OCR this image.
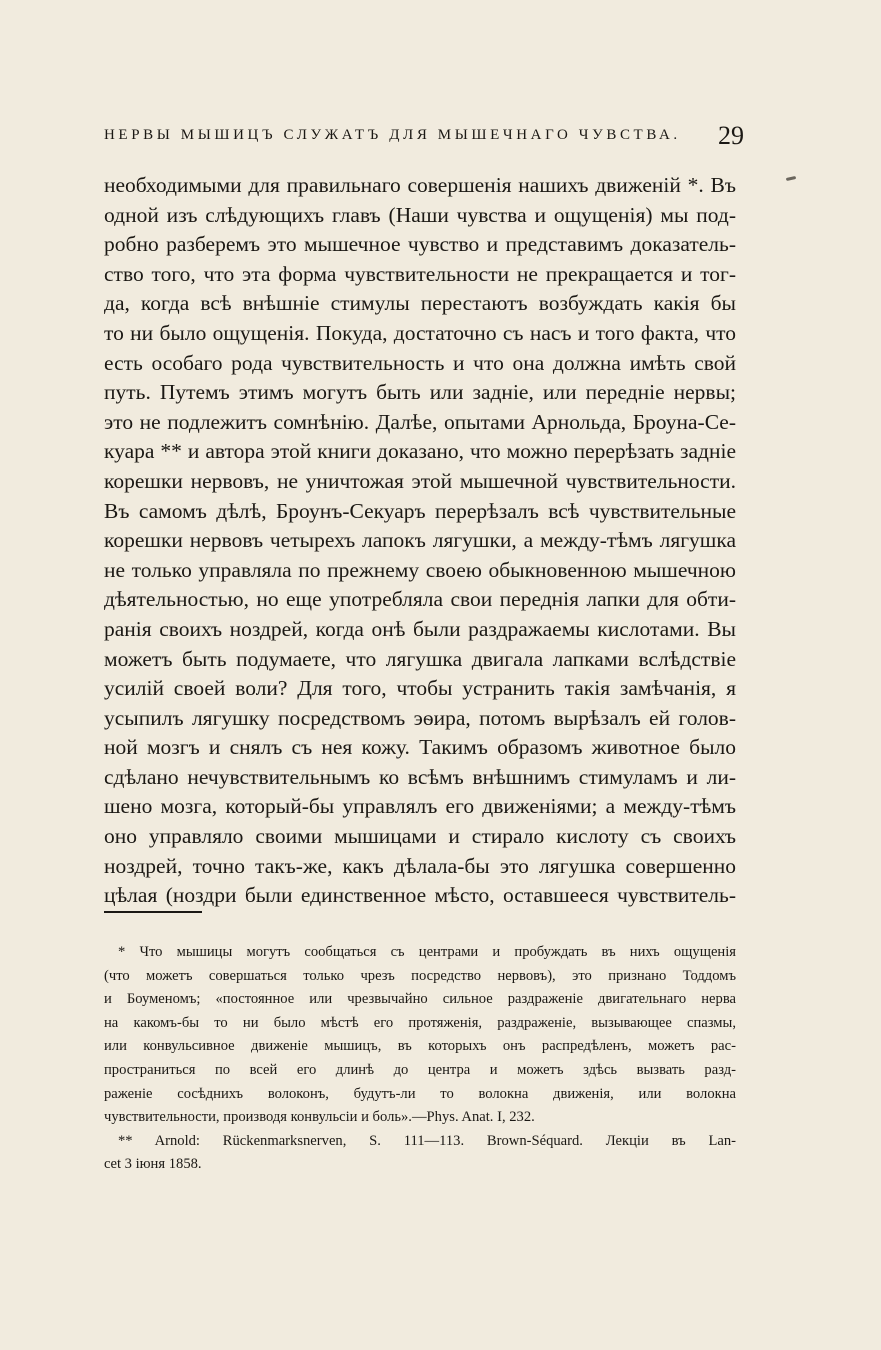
НЕРВЫ МЫШИЦЪ СЛУЖАТЪ ДЛЯ МЫШЕЧНАГО ЧУВСТВА. 29
необходимыми для правильнаго совершенія нашихъ движеній *. Въ
одной изъ слѣдующихъ главъ (Наши чувства и ощущенія) мы под-
робно разберемъ это мышечное чувство и представимъ доказатель-
ство того, что эта форма чувствительности не прекращается и тог-
да, когда всѣ внѣшніе стимулы перестаютъ возбуждать какія бы
то ни было ощущенія. Покуда, достаточно съ насъ и того факта, что
есть особаго рода чувствительность и что она должна имѣть свой
путь. Путемъ этимъ могутъ быть или задніе, или передніе нервы;
это не подлежитъ сомнѣнію. Далѣе, опытами Арнольда, Броуна-Се-
куара ** и автора этой книги доказано, что можно перерѣзать задніе
корешки нервовъ, не уничтожая этой мышечной чувствительности.
Въ самомъ дѣлѣ, Броунъ-Секуаръ перерѣзалъ всѣ чувствительные
корешки нервовъ четырехъ лапокъ лягушки, а между-тѣмъ лягушка
не только управляла по прежнему своею обыкновенною мышечною
дѣятельностью, но еще употребляла свои переднія лапки для обти-
ранія своихъ ноздрей, когда онѣ были раздражаемы кислотами. Вы
можетъ быть подумаете, что лягушка двигала лапками вслѣдствіе
усилій своей воли? Для того, чтобы устранить такія замѣчанія, я
усыпилъ лягушку посредствомъ эѳира, потомъ вырѣзалъ ей голов-
ной мозгъ и снялъ съ нея кожу. Такимъ образомъ животное было
сдѣлано нечувствительнымъ ко всѣмъ внѣшнимъ стимуламъ и ли-
шено мозга, который-бы управлялъ его движеніями; а между-тѣмъ
оно управляло своими мышицами и стирало кислоту съ своихъ
ноздрей, точно такъ-же, какъ дѣлала-бы это лягушка совершенно
цѣлая (ноздри были единственное мѣсто, оставшееся чувствитель-
* Что мышицы могутъ сообщаться съ центрами и пробуждать въ нихъ ощущенія
(что можетъ совершаться только чрезъ посредство нервовъ), это признано Тоддомъ
и Боуменомъ; «постоянное или чрезвычайно сильное раздраженіе двигательнаго нерва
на какомъ-бы то ни было мѣстѣ его протяженія, раздраженіе, вызывающее спазмы,
или конвульсивное движеніе мышицъ, въ которыхъ онъ распредѣленъ, можетъ рас-
пространиться по всей его длинѣ до центра и можетъ здѣсь вызвать разд-
раженіе сосѣднихъ волоконъ, будутъ-ли то волокна движенія, или волокна
чувствительности, производя конвульсіи и боль».—Phys. Anat. I, 232.
** Arnold: Rückenmarksnerven, S. 111—113. Brown-Séquard. Лекціи въ Lan-
cet 3 іюня 1858.
